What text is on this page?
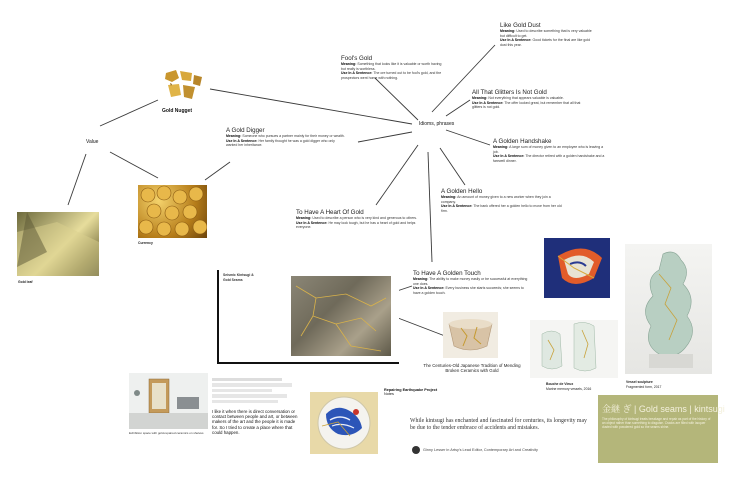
Idioms, phrases
Value
Gold Nugget
Gold leaf
Currency
Fool's Gold
Meaning: Something that looks like it is valuable or worth having but really is worthless.
Use In A Sentence: The ore turned out to be fool's gold, and the prospectors went home with nothing.
Like Gold Dust
Meaning: Used to describe something that is very valuable but difficult to get.
Use In A Sentence: Good tickets for the final are like gold dust this year.
All That Glitters Is Not Gold
Meaning: Not everything that appears valuable is valuable.
Use In A Sentence: The offer looked great, but remember that all that glitters is not gold.
A Gold Digger
Meaning: Someone who pursues a partner mainly for their money or wealth.
Use In A Sentence: Her family thought he was a gold digger who only wanted her inheritance.
A Golden Handshake
Meaning: A large sum of money given to an employee who is leaving a job.
Use In A Sentence: The director retired with a golden handshake and a farewell dinner.
A Golden Hello
Meaning: An amount of money given to a new worker when they join a company.
Use In A Sentence: The bank offered her a golden hello to move from her old firm.
To Have A Heart Of Gold
Meaning: Used to describe a person who is very kind and generous to others.
Use In A Sentence: He may look tough, but he has a heart of gold and helps everyone.
To Have A Golden Touch
Meaning: The ability to make money easily or be successful at everything one does.
Use In A Sentence: Every business she starts succeeds; she seems to have a golden touch.
Seismic Kintsugi &
Gold Seams
The Centuries-Old Japanese Tradition of Mending Broken Ceramics with Gold
Bouche de Vieux
Marine memory vessels, 2016
Vessel sculpture
Fragmented form, 2017
Exhibition space with gold-repaired ceramics on shelves
I like it when there is direct conversation or contact between people and art, or between makers of the art and the people it is made for. So I tried to create a place where that could happen.
Repairing Earthquake Project
Notes
While kintsugi has enchanted and fascinated for centuries, its longevity may be due to the tender embrace of accidents and mistakes.
Ginny Lesser in Artsy's Lead Editor, Contemporary Art and Creativity
金継 ぎ | Gold seams | kintsugi
The philosophy of kintsugi treats breakage and repair as part of the history of an object rather than something to disguise. Cracks are filled with lacquer dusted with powdered gold so the seams shine.
